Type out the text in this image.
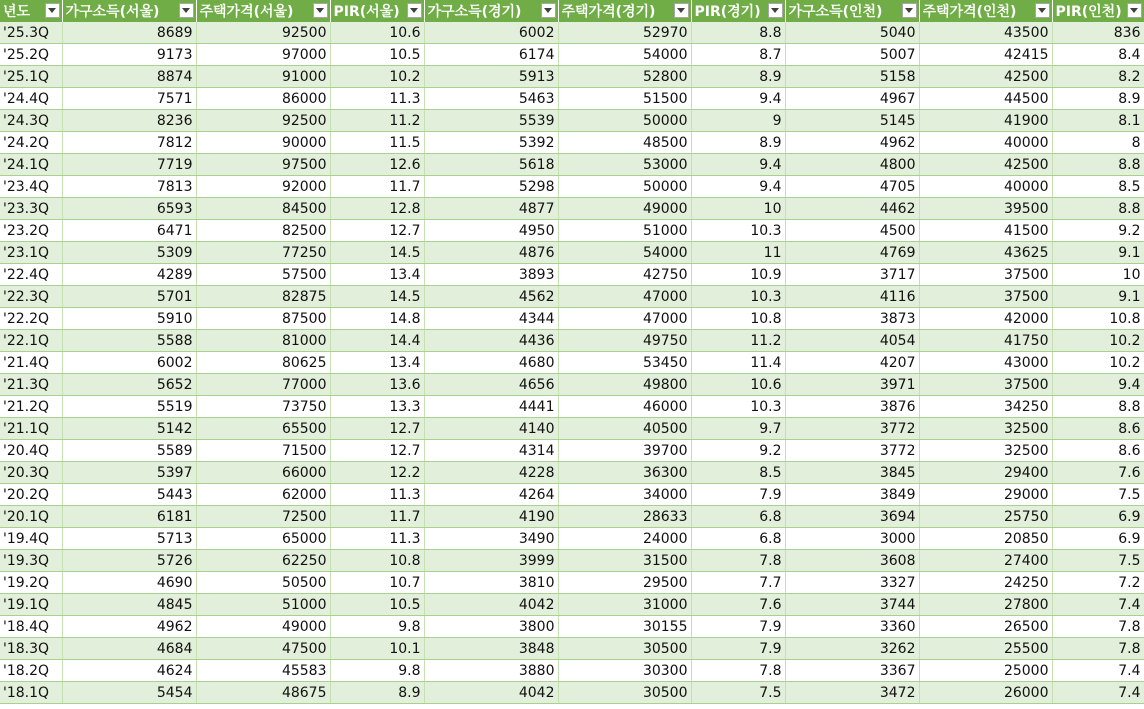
년도	가구소득(서울)	주택가격(서울)	PIR(서울)	가구소득(경기)	주택가격(경기)	PIR(경기)	가구소득(인천)	주택가격(인천)	PIR(인천)

'25.3Q	8689	92500	10.6	6002	52970	8.8	5040	43500	836
'25.2Q	9173	97000	10.5	6174	54000	8.7	5007	42415	8.4
'25.1Q	8874	91000	10.2	5913	52800	8.9	5158	42500	8.2
'24.4Q	7571	86000	11.3	5463	51500	9.4	4967	44500	8.9
'24.3Q	8236	92500	11.2	5539	50000	9	5145	41900	8.1
'24.2Q	7812	90000	11.5	5392	48500	8.9	4962	40000	8
'24.1Q	7719	97500	12.6	5618	53000	9.4	4800	42500	8.8
'23.4Q	7813	92000	11.7	5298	50000	9.4	4705	40000	8.5
'23.3Q	6593	84500	12.8	4877	49000	10	4462	39500	8.8
'23.2Q	6471	82500	12.7	4950	51000	10.3	4500	41500	9.2
'23.1Q	5309	77250	14.5	4876	54000	11	4769	43625	9.1
'22.4Q	4289	57500	13.4	3893	42750	10.9	3717	37500	10
'22.3Q	5701	82875	14.5	4562	47000	10.3	4116	37500	9.1
'22.2Q	5910	87500	14.8	4344	47000	10.8	3873	42000	10.8
'22.1Q	5588	81000	14.4	4436	49750	11.2	4054	41750	10.2
'21.4Q	6002	80625	13.4	4680	53450	11.4	4207	43000	10.2
'21.3Q	5652	77000	13.6	4656	49800	10.6	3971	37500	9.4
'21.2Q	5519	73750	13.3	4441	46000	10.3	3876	34250	8.8
'21.1Q	5142	65500	12.7	4140	40500	9.7	3772	32500	8.6
'20.4Q	5589	71500	12.7	4314	39700	9.2	3772	32500	8.6
'20.3Q	5397	66000	12.2	4228	36300	8.5	3845	29400	7.6
'20.2Q	5443	62000	11.3	4264	34000	7.9	3849	29000	7.5
'20.1Q	6181	72500	11.7	4190	28633	6.8	3694	25750	6.9
'19.4Q	5713	65000	11.3	3490	24000	6.8	3000	20850	6.9
'19.3Q	5726	62250	10.8	3999	31500	7.8	3608	27400	7.5
'19.2Q	4690	50500	10.7	3810	29500	7.7	3327	24250	7.2
'19.1Q	4845	51000	10.5	4042	31000	7.6	3744	27800	7.4
'18.4Q	4962	49000	9.8	3800	30155	7.9	3360	26500	7.8
'18.3Q	4684	47500	10.1	3848	30500	7.9	3262	25500	7.8
'18.2Q	4624	45583	9.8	3880	30300	7.8	3367	25000	7.4
'18.1Q	5454	48675	8.9	4042	30500	7.5	3472	26000	7.4
